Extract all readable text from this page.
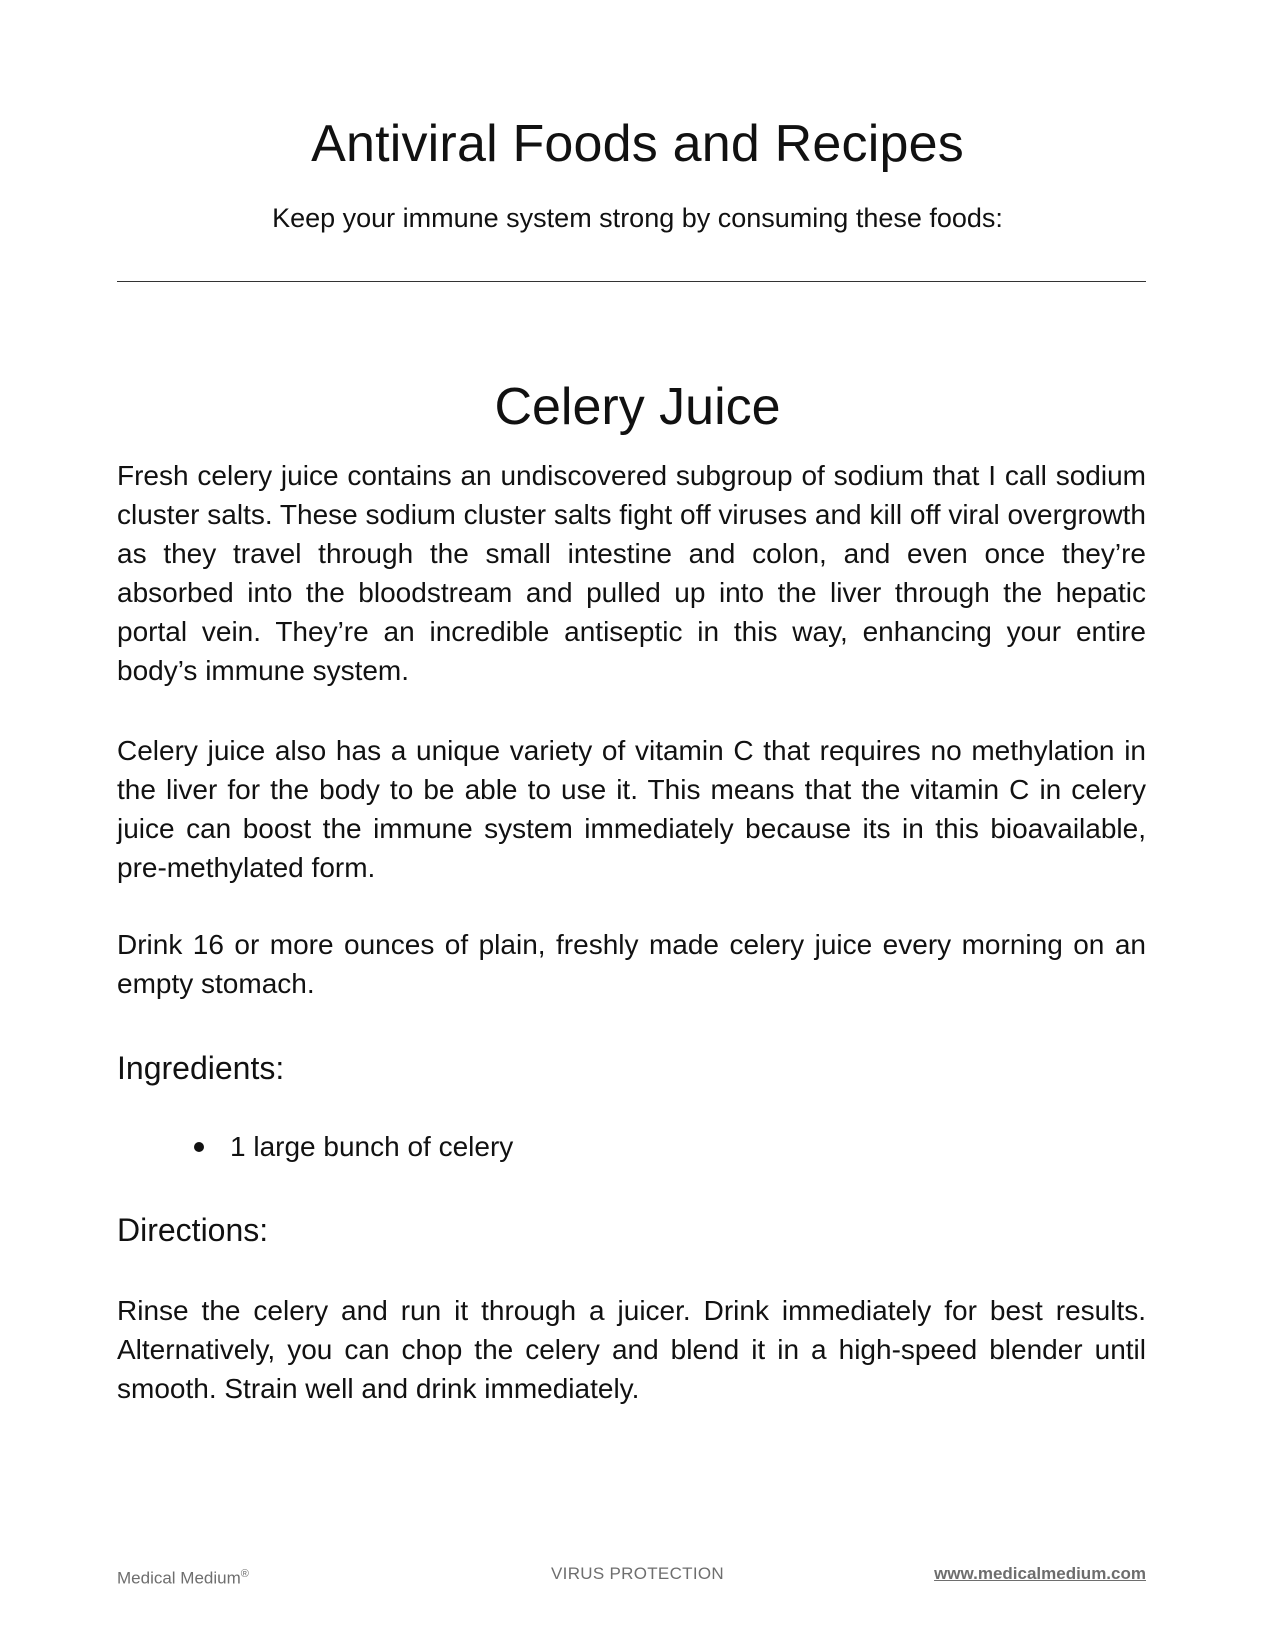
Antiviral Foods and Recipes

Keep your immune system strong by consuming these foods:

Celery Juice

Fresh celery juice contains an undiscovered subgroup of sodium that I call sodium cluster salts. These sodium cluster salts fight off viruses and kill off viral overgrowth as they travel through the small intestine and colon, and even once they’re absorbed into the bloodstream and pulled up into the liver through the hepatic portal vein. They’re an incredible antiseptic in this way, enhancing your entire body’s immune system.

Celery juice also has a unique variety of vitamin C that requires no methylation in the liver for the body to be able to use it. This means that the vitamin C in celery juice can boost the immune system immediately because its in this bioavailable, pre-methylated form.

Drink 16 or more ounces of plain, freshly made celery juice every morning on an empty stomach.

Ingredients:
1 large bunch of celery
Directions:

Rinse the celery and run it through a juicer. Drink immediately for best results. Alternatively, you can chop the celery and blend it in a high-speed blender until smooth. Strain well and drink immediately.

Medical Medium®	VIRUS PROTECTION	www.medicalmedium.com
